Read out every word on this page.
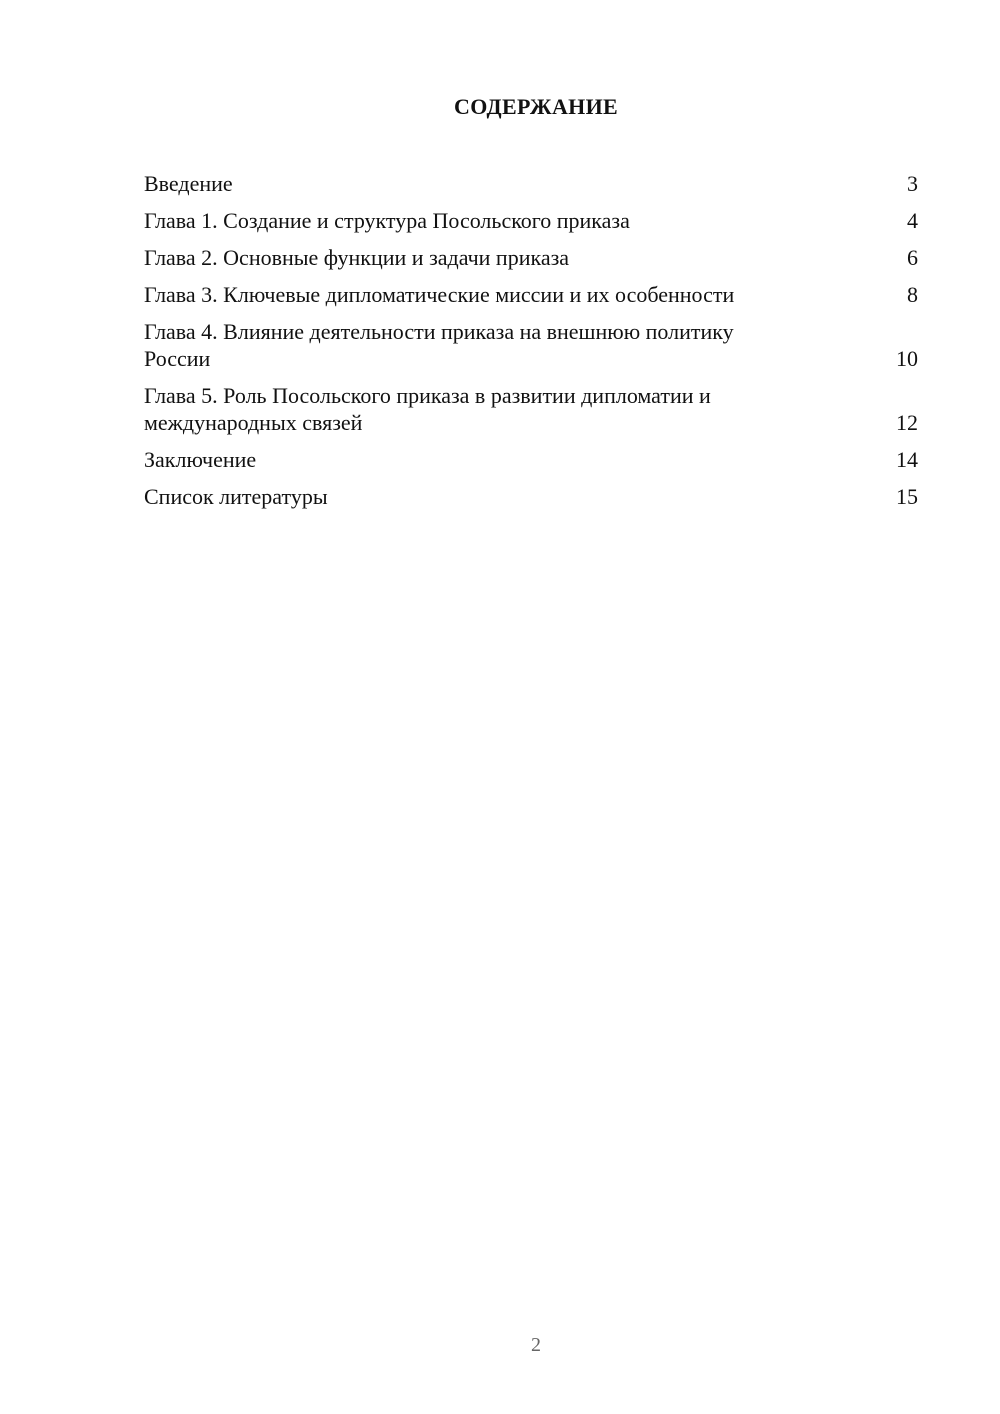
СОДЕРЖАНИЕ
Введение	3
Глава 1. Создание и структура Посольского приказа	4
Глава 2. Основные функции и задачи приказа	6
Глава 3. Ключевые дипломатические миссии и их особенности	8
Глава 4. Влияние деятельности приказа на внешнюю политику
России	10
Глава 5. Роль Посольского приказа в развитии дипломатии и
международных связей	12
Заключение	14
Список литературы	15
2
